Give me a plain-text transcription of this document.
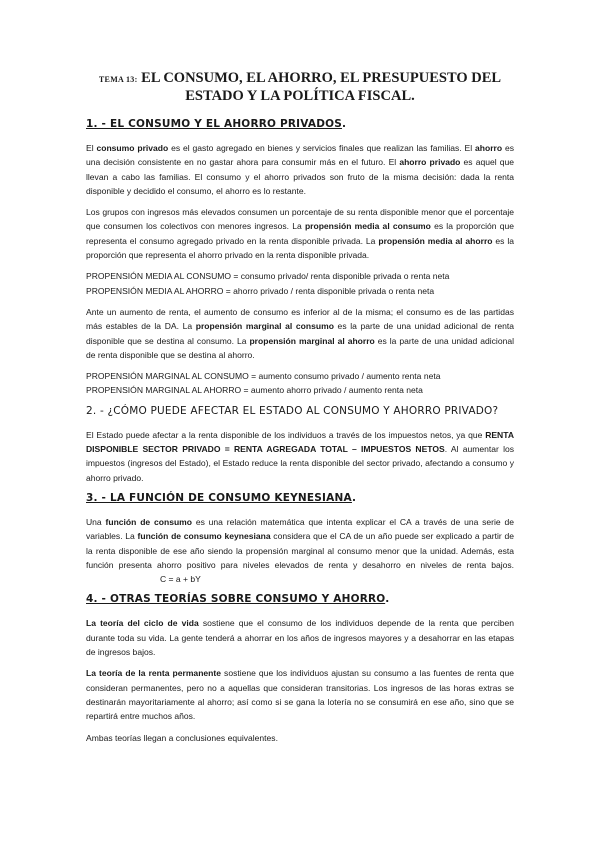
TEMA 13: EL CONSUMO, EL AHORRO, EL PRESUPUESTO DEL
ESTADO Y LA POLÍTICA FISCAL.
1. - EL CONSUMO Y EL AHORRO PRIVADOS.

El consumo privado es el gasto agregado en bienes y servicios finales que realizan las familias. El ahorro es una decisión consistente en no gastar ahora para consumir más en el futuro. El ahorro privado es aquel que llevan a cabo las familias. El consumo y el ahorro privados son fruto de la misma decisión: dada la renta disponible y decidido el consumo, el ahorro es lo restante.

Los grupos con ingresos más elevados consumen un porcentaje de su renta disponible menor que el porcentaje que consumen los colectivos con menores ingresos. La propensión media al consumo es la proporción que representa el consumo agregado privado en la renta disponible privada. La propensión media al ahorro es la proporción que representa el ahorro privado en la renta disponible privada.

PROPENSIÓN MEDIA AL CONSUMO = consumo privado/ renta disponible privada o renta neta
PROPENSIÓN MEDIA AL AHORRO = ahorro privado / renta disponible privada o renta neta

Ante un aumento de renta, el aumento de consumo es inferior al de la misma; el consumo es de las partidas más estables de la DA. La propensión marginal al consumo es la parte de una unidad adicional de renta disponible que se destina al consumo. La propensión marginal al ahorro es la parte de una unidad adicional de renta disponible que se destina al ahorro.

PROPENSIÓN MARGINAL AL CONSUMO = aumento consumo privado / aumento renta neta
PROPENSIÓN MARGINAL AL AHORRO = aumento ahorro privado / aumento renta neta

2. - ¿CÓMO PUEDE AFECTAR EL ESTADO AL CONSUMO Y AHORRO PRIVADO?

El Estado puede afectar a la renta disponible de los individuos a través de los impuestos netos, ya que RENTA DISPONIBLE SECTOR PRIVADO = RENTA AGREGADA TOTAL – IMPUESTOS NETOS. Al aumentar los impuestos (ingresos del Estado), el Estado reduce la renta disponible del sector privado, afectando a consumo y ahorro privado.

3. - LA FUNCIÓN DE CONSUMO KEYNESIANA.

Una función de consumo es una relación matemática que intenta explicar el CA a través de una serie de variables. La función de consumo keynesiana considera que el CA de un año puede ser explicado a partir de la renta disponible de ese año siendo la propensión marginal al consumo menor que la unidad. Además, esta función presenta ahorro positivo para niveles elevados de renta y desahorro en niveles de renta bajos.C = a + bY

4. - OTRAS TEORÍAS SOBRE CONSUMO Y AHORRO.

La teoría del ciclo de vida sostiene que el consumo de los individuos depende de la renta que perciben durante toda su vida. La gente tenderá a ahorrar en los años de ingresos mayores y a desahorrar en las etapas de ingresos bajos.

La teoría de la renta permanente sostiene que los individuos ajustan su consumo a las fuentes de renta que consideran permanentes, pero no a aquellas que consideran transitorias. Los ingresos de las horas extras se destinarán mayoritariamente al ahorro; así como si se gana la lotería no se consumirá en ese año, sino que se repartirá entre muchos años.

Ambas teorías llegan a conclusiones equivalentes.
